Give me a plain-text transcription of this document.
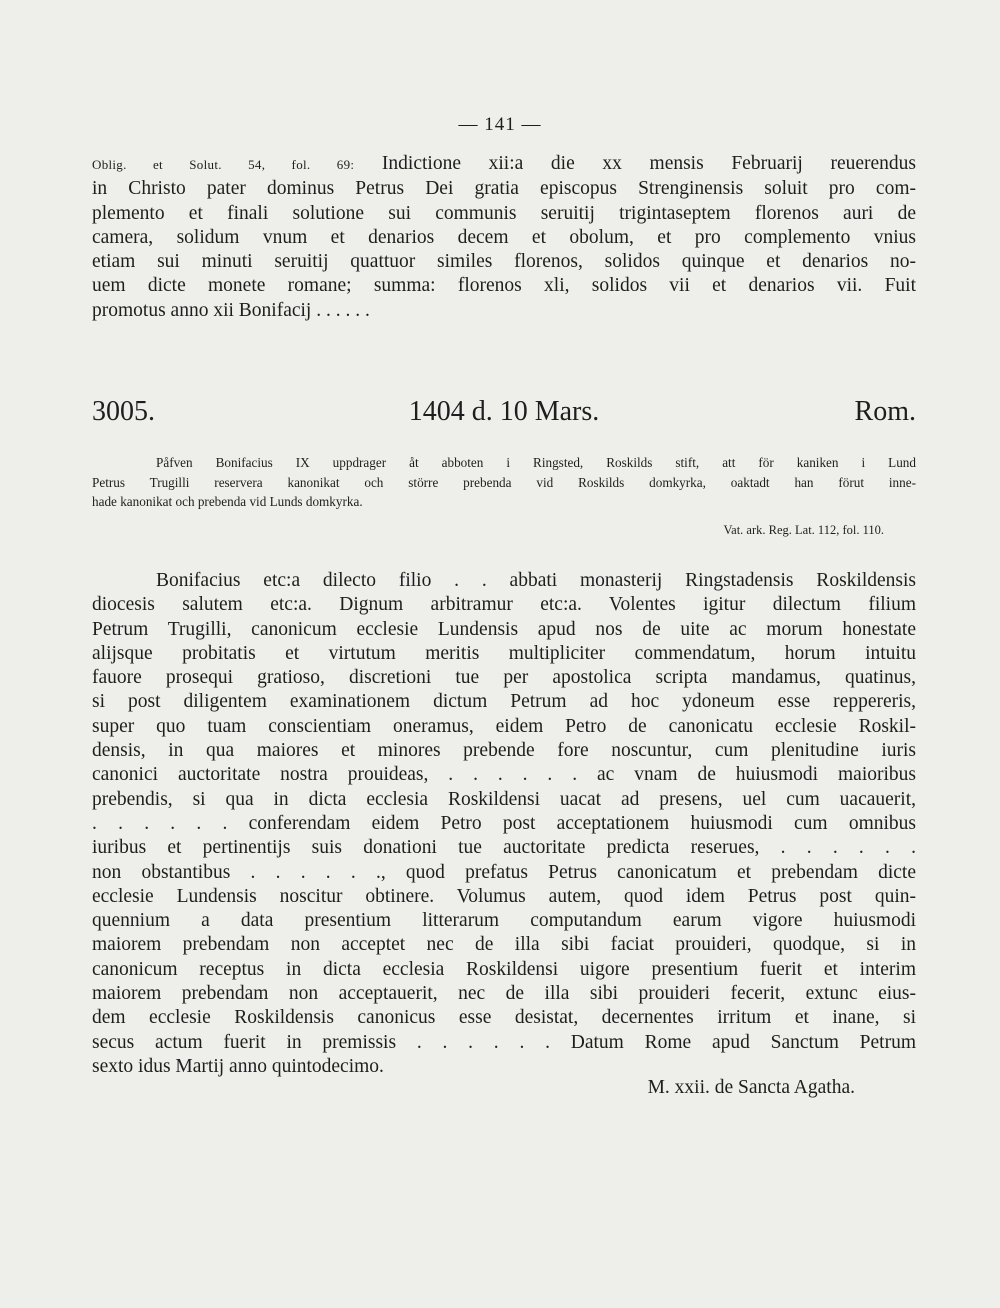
— 141 —
Oblig. et Solut. 54, fol. 69: Indictione xii:a die xx mensis Februarij reuerendus
in Christo pater dominus Petrus Dei gratia episcopus Strenginensis soluit pro com-
plemento et finali solutione sui communis seruitij trigintaseptem florenos auri de
camera, solidum vnum et denarios decem et obolum, et pro complemento vnius
etiam sui minuti seruitij quattuor similes florenos, solidos quinque et denarios no-
uem dicte monete romane; summa: florenos xli, solidos vii et denarios vii. Fuit
promotus anno xii Bonifacij . . . . . .
3005.	1404 d. 10 Mars.	Rom.
Påfven Bonifacius IX uppdrager åt abboten i Ringsted, Roskilds stift, att för kaniken i Lund
Petrus Trugilli reservera kanonikat och större prebenda vid Roskilds domkyrka, oaktadt han förut inne-
hade kanonikat och prebenda vid Lunds domkyrka.
Vat. ark. Reg. Lat. 112, fol. 110.
Bonifacius etc:a dilecto filio . . abbati monasterij Ringstadensis Roskildensis
diocesis salutem etc:a. Dignum arbitramur etc:a. Volentes igitur dilectum filium
Petrum Trugilli, canonicum ecclesie Lundensis apud nos de uite ac morum honestate
alijsque probitatis et virtutum meritis multipliciter commendatum, horum intuitu
fauore prosequi gratioso, discretioni tue per apostolica scripta mandamus, quatinus,
si post diligentem examinationem dictum Petrum ad hoc ydoneum esse reppereris,
super quo tuam conscientiam oneramus, eidem Petro de canonicatu ecclesie Roskil-
densis, in qua maiores et minores prebende fore noscuntur, cum plenitudine iuris
canonici auctoritate nostra prouideas, . . . . . . ac vnam de huiusmodi maioribus
prebendis, si qua in dicta ecclesia Roskildensi uacat ad presens, uel cum uacauerit,
. . . . . . conferendam eidem Petro post acceptationem huiusmodi cum omnibus
iuribus et pertinentijs suis donationi tue auctoritate predicta reserues, . . . . . .
non obstantibus . . . . . ., quod prefatus Petrus canonicatum et prebendam dicte
ecclesie Lundensis noscitur obtinere. Volumus autem, quod idem Petrus post quin-
quennium a data presentium litterarum computandum earum vigore huiusmodi
maiorem prebendam non acceptet nec de illa sibi faciat prouideri, quodque, si in
canonicum receptus in dicta ecclesia Roskildensi uigore presentium fuerit et interim
maiorem prebendam non acceptauerit, nec de illa sibi prouideri fecerit, extunc eius-
dem ecclesie Roskildensis canonicus esse desistat, decernentes irritum et inane, si
secus actum fuerit in premissis . . . . . . Datum Rome apud Sanctum Petrum
sexto idus Martij anno quintodecimo.
M. xxii. de Sancta Agatha.
